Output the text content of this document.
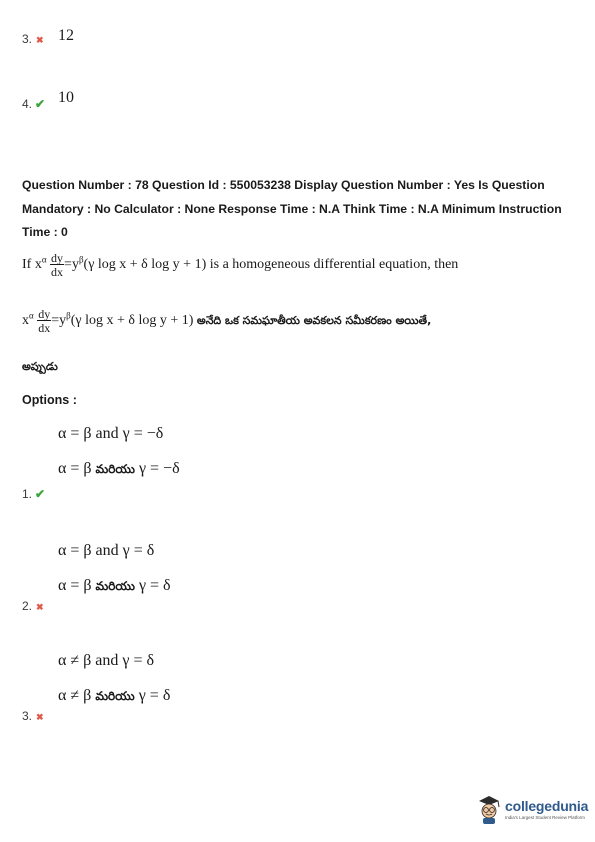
3. ✖ 12
4. ✔ 10
Question Number : 78 Question Id : 550053238 Display Question Number : Yes Is Question
Mandatory : No Calculator : None Response Time : N.A Think Time : N.A Minimum Instruction
Time : 0
If $x^\alpha \frac{dy}{dx} =y^\beta(\gamma$ log x + δ log y + 1) is a homogeneous differential equation, then
$x^\alpha \frac{dy}{dx} =y^\beta(\gamma$ log x + δ log y + 1) అనేది ఒక సమఘాతీయ అవకలన సమీకరణం అయితే,
అప్పుడు
Options :
α = β and γ = −δ
α = β మరియు γ = −δ
1. ✔
α = β and γ = δ
α = β మరియు γ = δ
2. ✖
α ≠ β and γ = δ
α ≠ β మరియు γ = δ
3. ✖
collegedunia
India's Largest Student Review Platform
